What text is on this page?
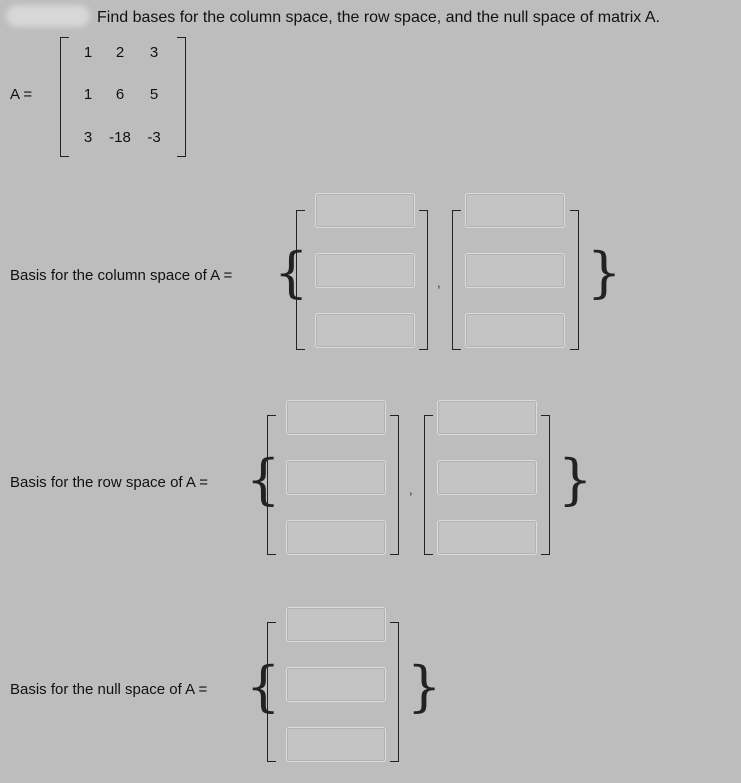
Find bases for the column space, the row space, and the null space of matrix A.
A =
1	2	3
1	6	5
3	-18	-3
Basis for the column space of A = {	,	}
Basis for the row space of A = {	,	}
Basis for the null space of A = { }
